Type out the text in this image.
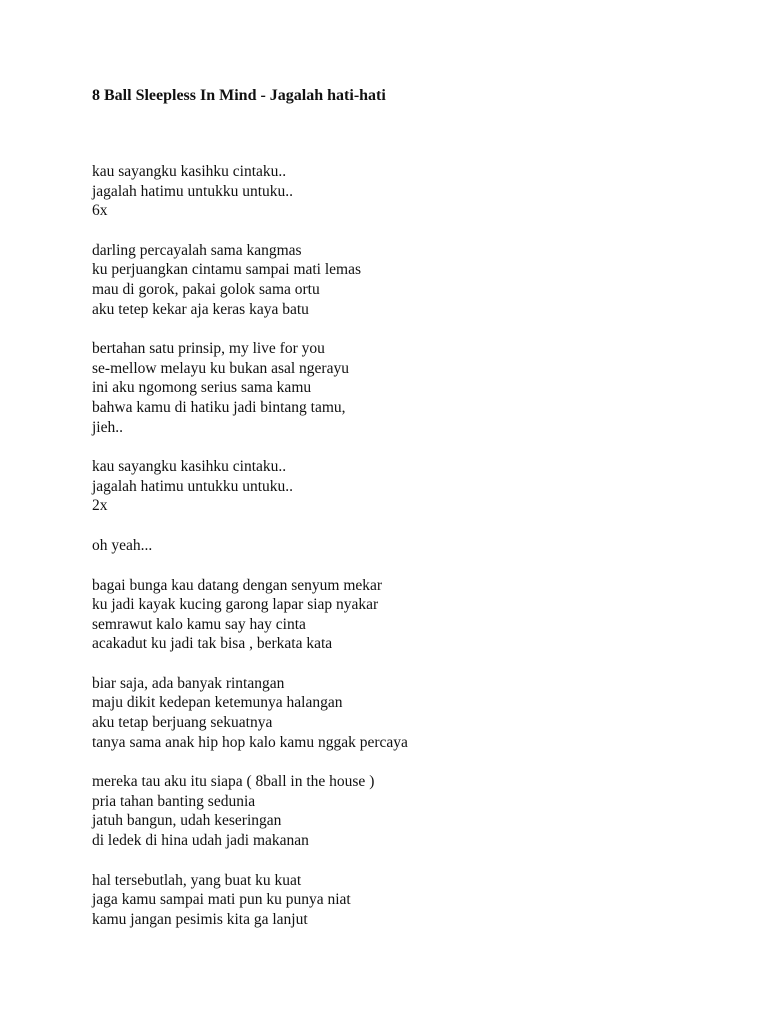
8 Ball Sleepless In Mind - Jagalah hati-hati
kau sayangku kasihku cintaku..
jagalah hatimu untukku untuku..
6x
darling percayalah sama kangmas
ku perjuangkan cintamu sampai mati lemas
mau di gorok, pakai golok sama ortu
aku tetep kekar aja keras kaya batu
bertahan satu prinsip, my live for you
se-mellow melayu ku bukan asal ngerayu
ini aku ngomong serius sama kamu
bahwa kamu di hatiku jadi bintang tamu,
jieh..
kau sayangku kasihku cintaku..
jagalah hatimu untukku untuku..
2x
oh yeah...
bagai bunga kau datang dengan senyum mekar
ku jadi kayak kucing garong lapar siap nyakar
semrawut kalo kamu say hay cinta
acakadut ku jadi tak bisa , berkata kata
biar saja, ada banyak rintangan
maju dikit kedepan ketemunya halangan
aku tetap berjuang sekuatnya
tanya sama anak hip hop kalo kamu nggak percaya
mereka tau aku itu siapa ( 8ball in the house )
pria tahan banting sedunia
jatuh bangun, udah keseringan
di ledek di hina udah jadi makanan
hal tersebutlah, yang buat ku kuat
jaga kamu sampai mati pun ku punya niat
kamu jangan pesimis kita ga lanjut
